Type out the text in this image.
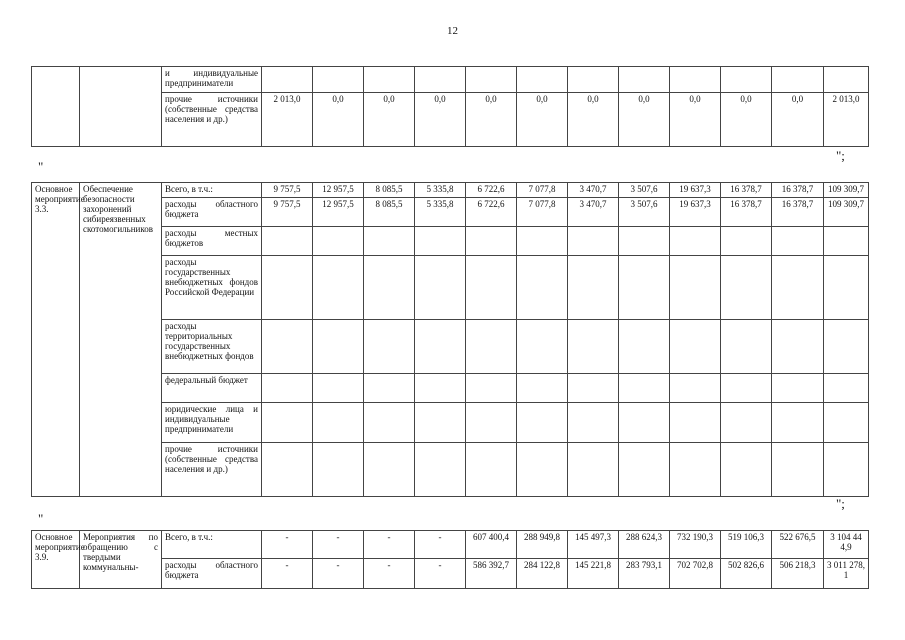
12
		и индивидуальные предприниматели												
		прочие источники (собственные средства населения и др.)	2 013,0	0,0	0,0	0,0	0,0	0,0	0,0	0,0	0,0	0,0	0,0	2 013,0
";
"
Основное мероприятие 3.3.	Обеспечение безопасности захоронений сибиреязвенных скотомогильников	Всего, в т.ч.:	9 757,5	12 957,5	8 085,5	5 335,8	6 722,6	7 077,8	3 470,7	3 507,6	19 637,3	16 378,7	16 378,7	109 309,7
		расходы областного бюджета	9 757,5	12 957,5	8 085,5	5 335,8	6 722,6	7 077,8	3 470,7	3 507,6	19 637,3	16 378,7	16 378,7	109 309,7
		расходы местных бюджетов												
		расходы государственных внебюджетных фондов Российской Федерации												
		расходы территориальных государственных внебюджетных фондов												
		федеральный бюджет												
		юридические лица и индивидуальные предприниматели												
		прочие источники (собственные средства населения и др.)												
";
"
Основное мероприятие 3.9.	Мероприятия по обращению с твердыми коммунальны-	Всего, в т.ч.:	-	-	-	-	607 400,4	288 949,8	145 497,3	288 624,3	732 190,3	519 106,3	522 676,5	3 104 444,9
		расходы областного бюджета	-	-	-	-	586 392,7	284 122,8	145 221,8	283 793,1	702 702,8	502 826,6	506 218,3	3 011 278,1
